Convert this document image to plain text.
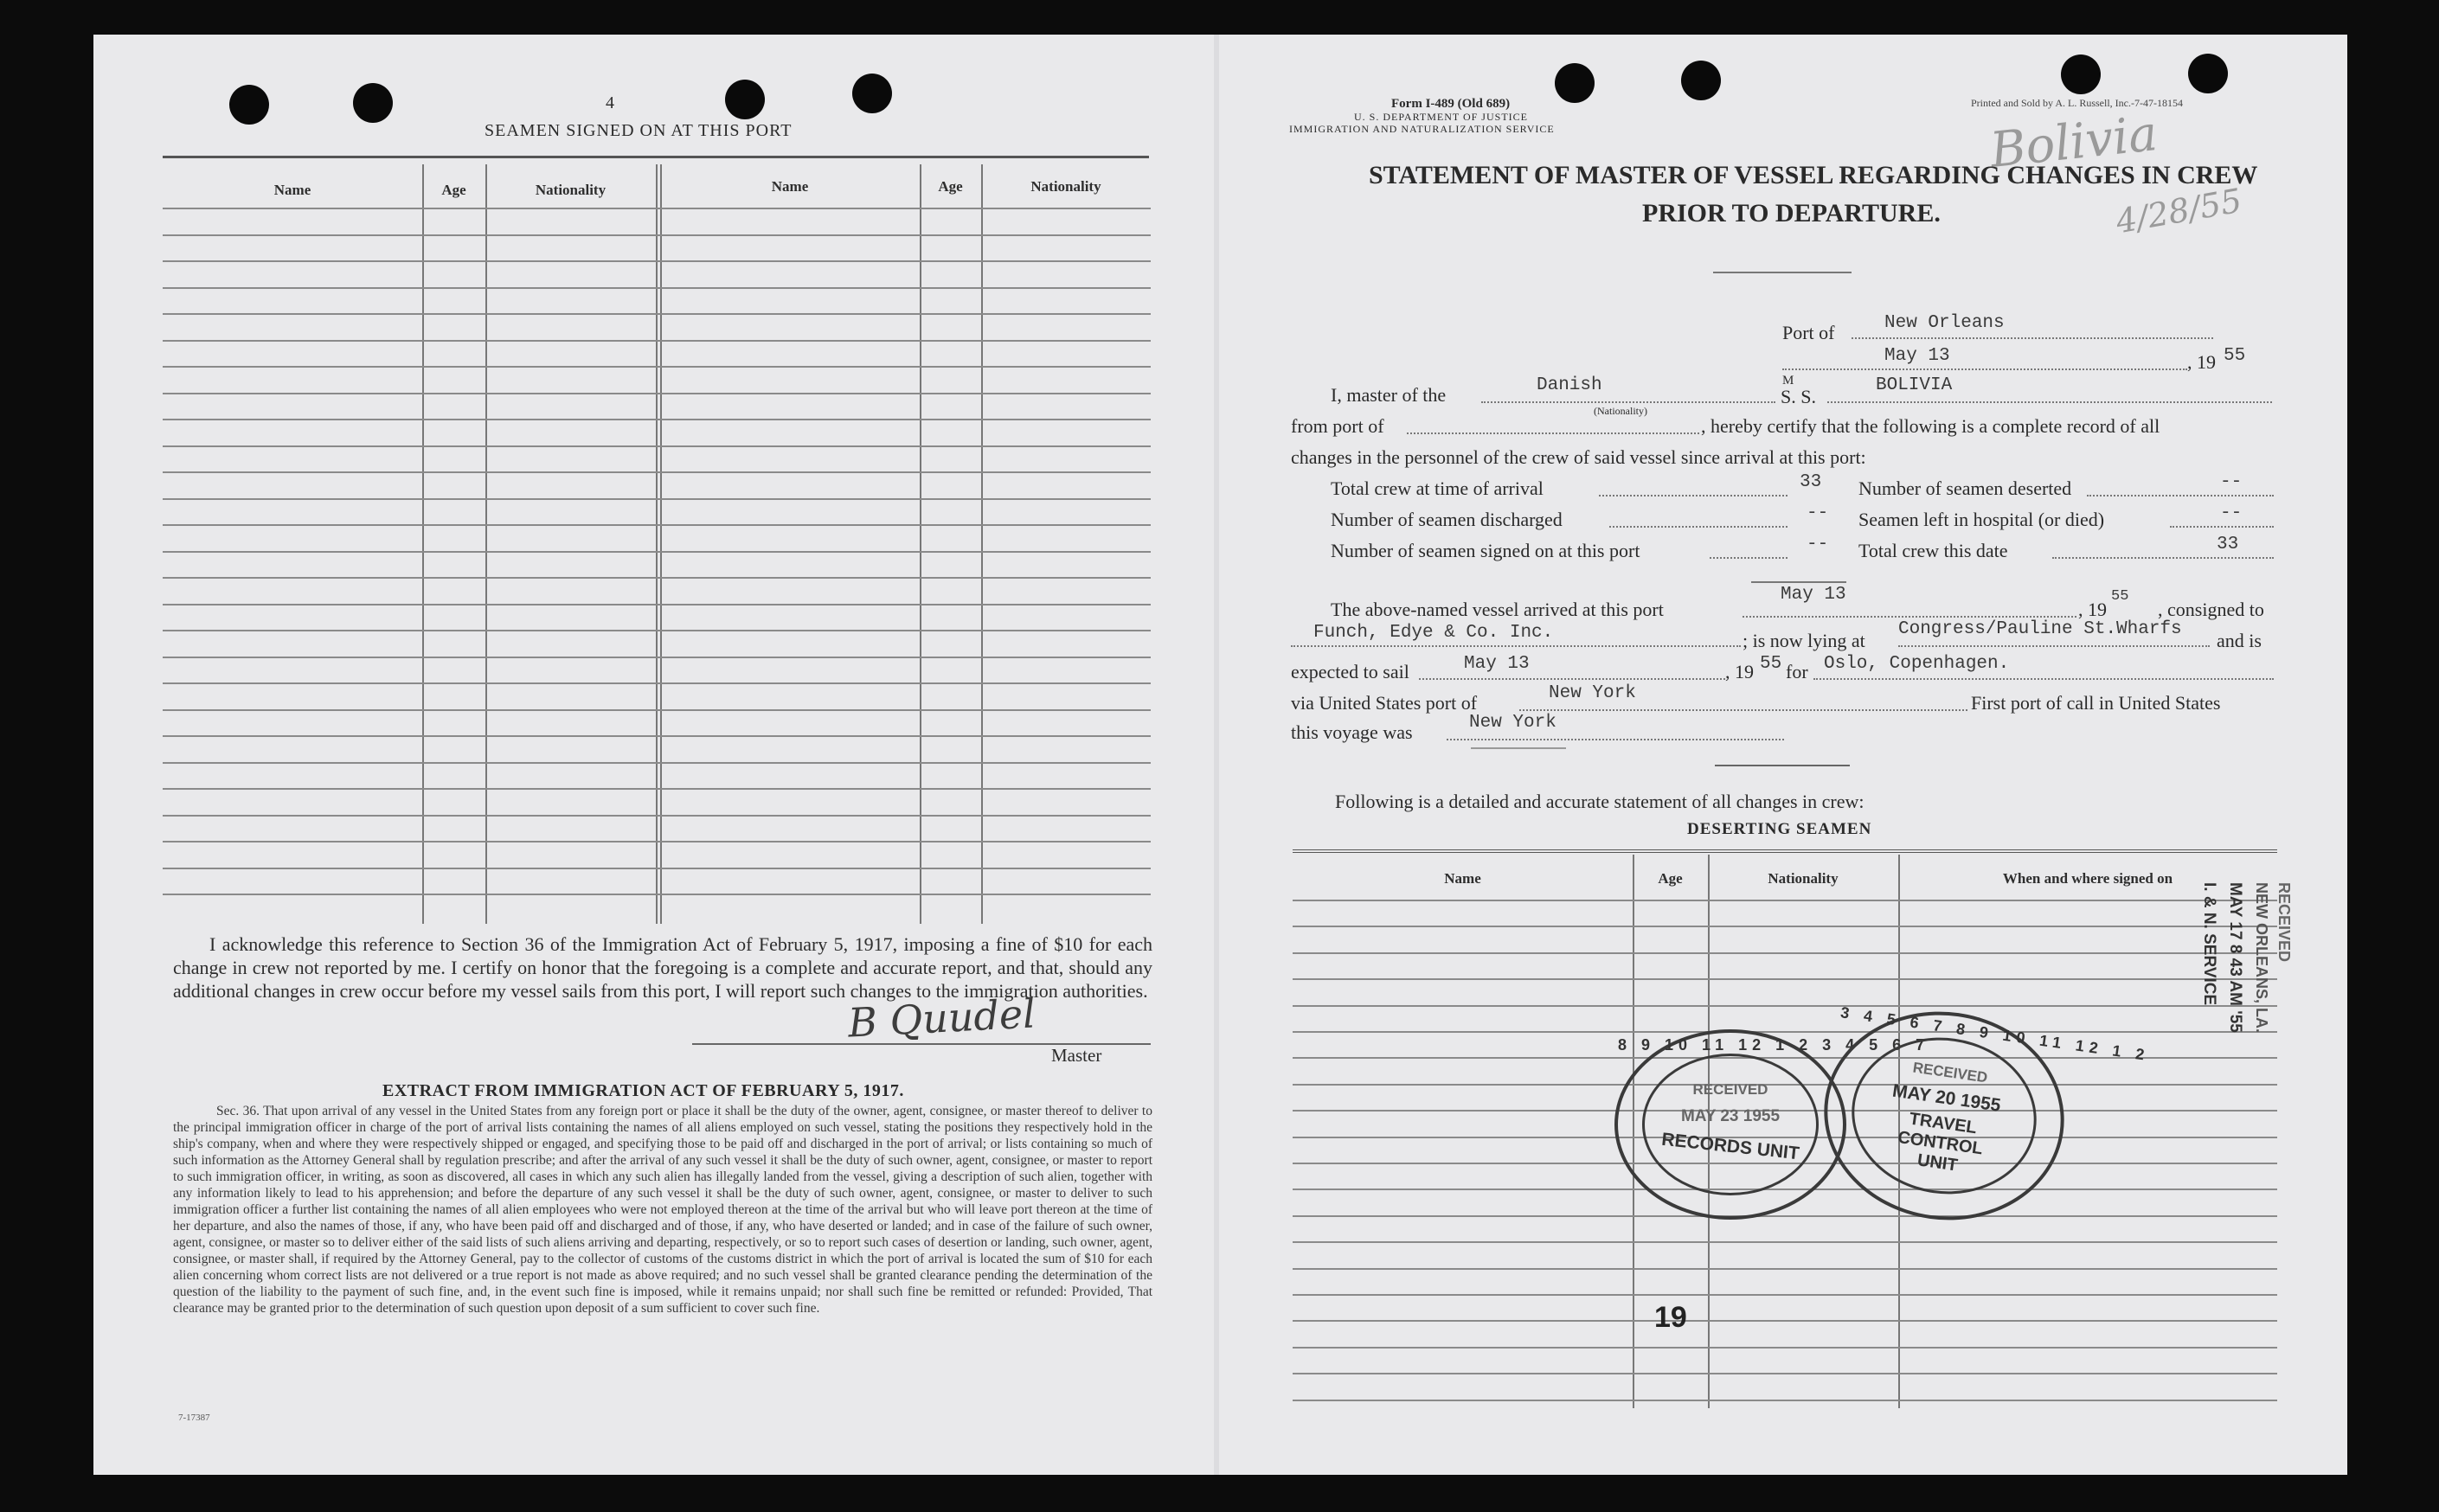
4
SEAMEN SIGNED ON AT THIS PORT
Name	Age	Nationality	Name	Age	Nationality
I acknowledge this reference to Section 36 of the Immigration Act of February 5, 1917, imposing a fine of $10 for each change in crew not reported by me. I certify on honor that the foregoing is a complete and accurate report, and that, should any additional changes in crew occur before my vessel sails from this port, I will report such changes to the immigration authorities.
B Quudel
Master
EXTRACT FROM IMMIGRATION ACT OF FEBRUARY 5, 1917.
Sec. 36. That upon arrival of any vessel in the United States from any foreign port or place it shall be the duty of the owner, agent, consignee, or master thereof to deliver to the principal immigration officer in charge of the port of arrival lists containing the names of all aliens employed on such vessel, stating the positions they respectively hold in the ship's company, when and where they were respectively shipped or engaged, and specifying those to be paid off and discharged in the port of arrival; or lists containing so much of such information as the Attorney General shall by regulation prescribe; and after the arrival of any such vessel it shall be the duty of such owner, agent, consignee, or master to report to such immigration officer, in writing, as soon as discovered, all cases in which any such alien has illegally landed from the vessel, giving a description of such alien, together with any information likely to lead to his apprehension; and before the departure of any such vessel it shall be the duty of such owner, agent, consignee, or master to deliver to such immigration officer a further list containing the names of all alien employees who were not employed thereon at the time of the arrival but who will leave port thereon at the time of her departure, and also the names of those, if any, who have been paid off and discharged and of those, if any, who have deserted or landed; and in case of the failure of such owner, agent, consignee, or master so to deliver either of the said lists of such aliens arriving and departing, respectively, or so to report such cases of desertion or landing, such owner, agent, consignee, or master shall, if required by the Attorney General, pay to the collector of customs of the customs district in which the port of arrival is located the sum of $10 for each alien concerning whom correct lists are not delivered or a true report is not made as above required; and no such vessel shall be granted clearance pending the determination of the question of the liability to the payment of such fine, and, in the event such fine is imposed, while it remains unpaid; nor shall such fine be remitted or refunded: Provided, That clearance may be granted prior to the determination of such question upon deposit of a sum sufficient to cover such fine.
7-17387
Form I-489 (Old 689)
U. S. DEPARTMENT OF JUSTICE
IMMIGRATION AND NATURALIZATION SERVICE
Printed and Sold by A. L. Russell, Inc.-7-47-18154
Bolivia
4/28/55
STATEMENT OF MASTER OF VESSEL REGARDING CHANGES IN CREW
PRIOR TO DEPARTURE.
Port of	New Orleans
May 13	, 19 55
I, master of the	Danish
(Nationality)
M
S. S.
BOLIVIA
from port of	, hereby certify that the following is a complete record of all
changes in the personnel of the crew of said vessel since arrival at this port:
Total crew at time of arrival	33 Number of seamen deserted	--
Number of seamen discharged	-- Seamen left in hospital (or died)	--
Number of seamen signed on at this port	-- Total crew this date	33
The above-named vessel arrived at this port
May 13
, 19
55
, consigned to
Funch, Edye & Co. Inc.	; is now lying at
Congress/Pauline St.Wharfs
and is
expected to sail	May 13	, 19 55 for Oslo, Copenhagen.
via United States port of	New York	First port of call in United States
this voyage was	New York
Following is a detailed and accurate statement of all changes in crew:
DESERTING SEAMEN
Name	Age	Nationality	When and where signed on
8 9 10 11 12 1 2 3 4 5 6 7
RECEIVED
MAY 23 1955
RECORDS UNIT
3 4 5 6 7 8 9 10 11 12 1 2
RECEIVED
MAY 20 1955
TRAVEL CONTROL UNIT
RECEIVED
NEW ORLEANS, LA.
MAY 17 8 43 AM '55
I. & N. SERVICE
19
